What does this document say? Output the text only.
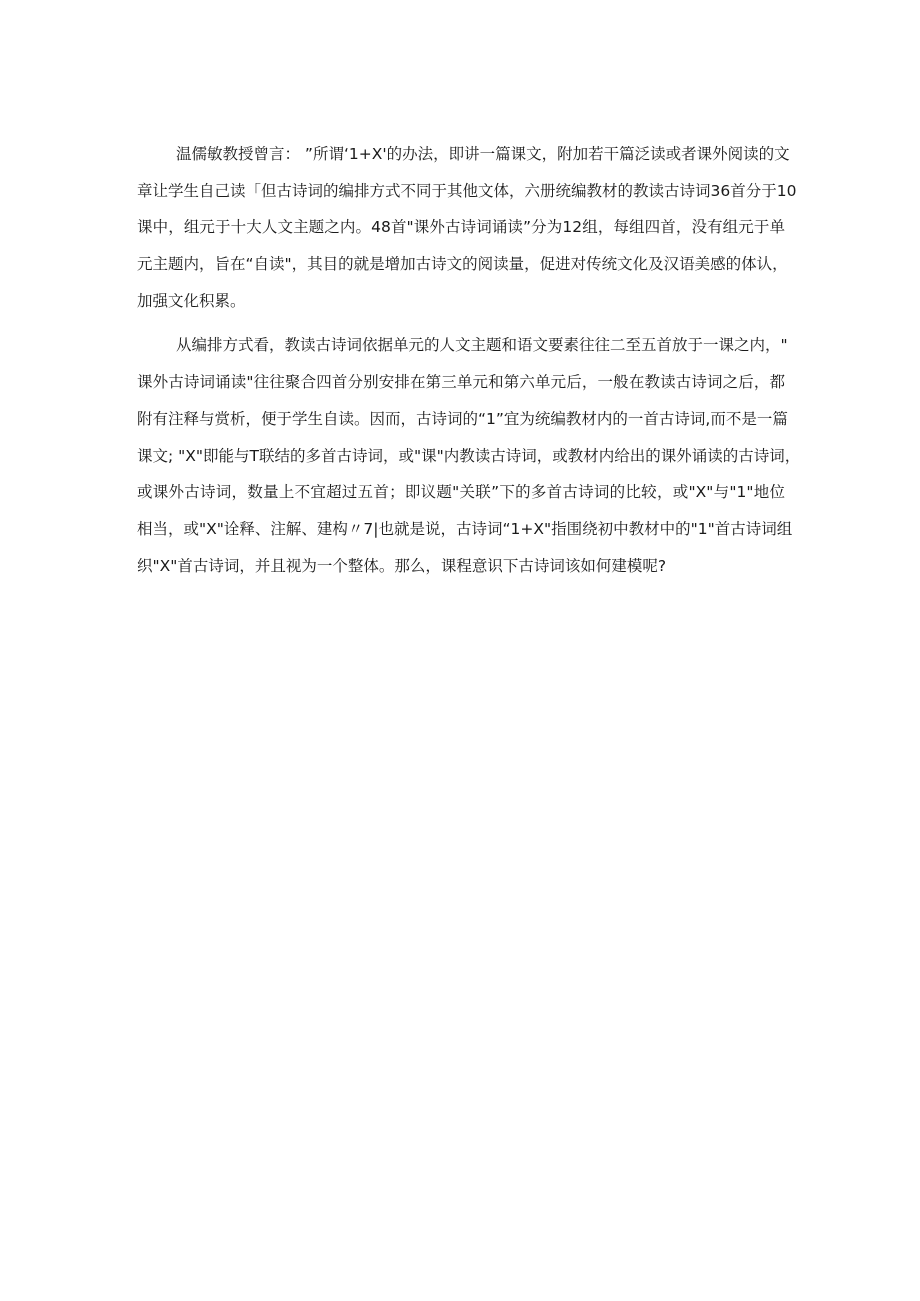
温儒敏教授曾言： ”所谓‘1+X'的办法，即讲一篇课文，附加若干篇泛读或者课外阅读的文
章让学生自己读「但古诗词的编排方式不同于其他文体，六册统编教材的教读古诗词36首分于10
课中，组元于十大人文主题之内。48首"课外古诗词诵读”分为12组，每组四首，没有组元于单
元主题内，旨在“自读"，其目的就是增加古诗文的阅读量，促进对传统文化及汉语美感的体认，
加强文化积累。
从编排方式看，教读古诗词依据单元的人文主题和语文要素往往二至五首放于一课之内，"
课外古诗词诵读"往往聚合四首分别安排在第三单元和第六单元后，一般在教读古诗词之后，都
附有注释与赏析，便于学生自读。因而，古诗词的“1”宜为统编教材内的一首古诗词,而不是一篇
课文; "X"即能与T联结的多首古诗词，或"课"内教读古诗词，或教材内给出的课外诵读的古诗词，
或课外古诗词，数量上不宜超过五首；即议题"关联”下的多首古诗词的比较，或"X"与"1"地位
相当，或"X"诠释、注解、建构〃7|也就是说，古诗词“1+X"指围绕初中教材中的"1"首古诗词组
织"X"首古诗词，并且视为一个整体。那么，课程意识下古诗词该如何建模呢?
